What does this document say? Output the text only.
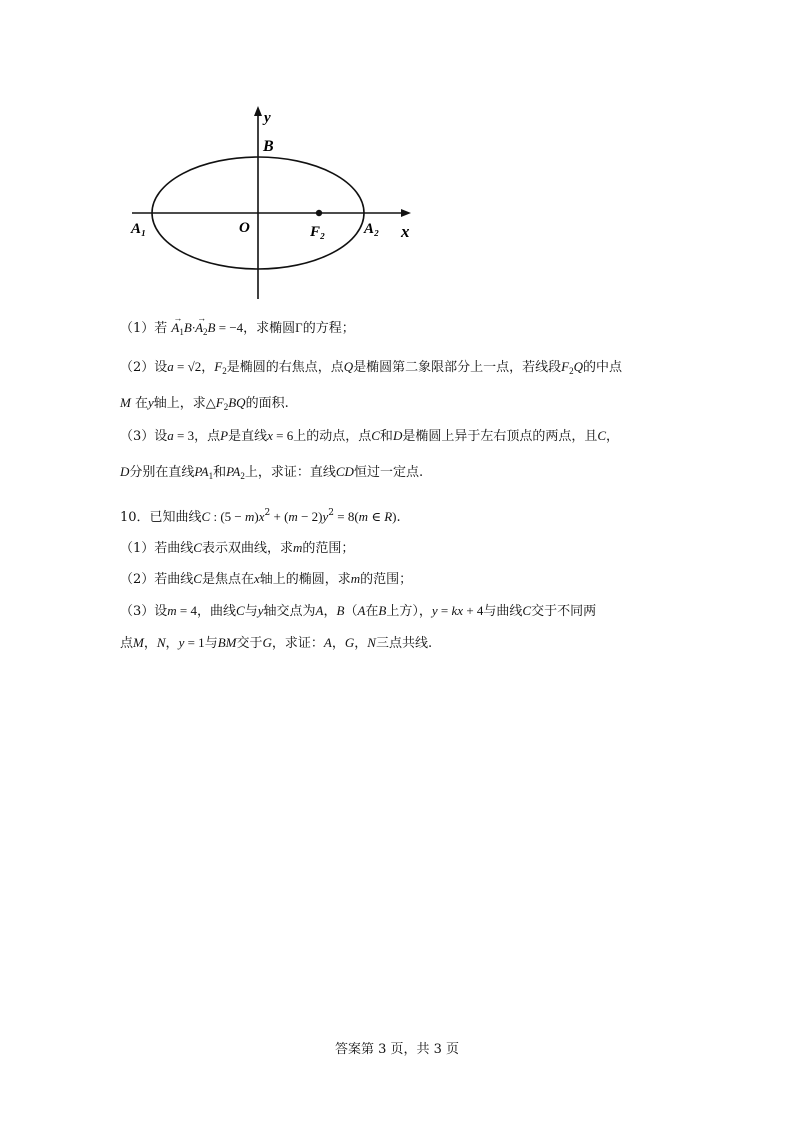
y
B
O
A₁	F₂	A₂ x
（1）若 → $A_1B\cdot\to A_2B = -4$，求椭圆Γ的方程；
（2）设a = √2，$F_2$是椭圆的右焦点，点Q是椭圆第二象限部分上一点，若线段$F_2Q$的中点
M 在y轴上，求$\triangle F_2BQ$的面积.
（3）设a = 3，点P是直线x = 6上的动点，点C和D是椭圆上异于左右顶点的两点，且C，
D分别在直线$PA_1$和$PA_2$上，求证：直线CD恒过一定点.
10．已知曲线C : $(5 - m)x^2 + (m - 2)y^2 = 8(m$ ∈ R).
（1）若曲线C表示双曲线，求m的范围；
（2）若曲线C是焦点在x轴上的椭圆，求m的范围；
（3）设m = 4，曲线C与y轴交点为A，B（A在B上方），y = kx + 4与曲线C交于不同两
点M，N，y = 1与BM交于G，求证：A，G，N三点共线.
答案第 3 页，共 3 页
